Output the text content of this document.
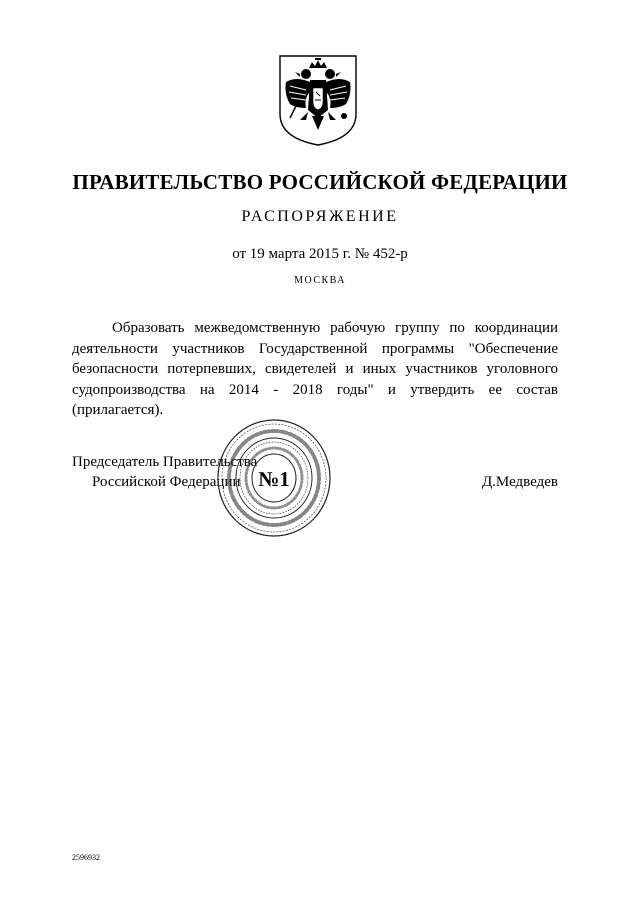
ПРАВИТЕЛЬСТВО РОССИЙСКОЙ ФЕДЕРАЦИИ
РАСПОРЯЖЕНИЕ
от 19 марта 2015 г. № 452-р
МОСКВА
Образовать межведомственную рабочую группу по координации
деятельности участников Государственной программы "Обеспечение
безопасности потерпевших, свидетелей и иных участников уголовного
судопроизводства на 2014 - 2018 годы" и утвердить ее состав
(прилагается).
Председатель Правительства
Российской Федерации №1	Д.Медведев
2596932
